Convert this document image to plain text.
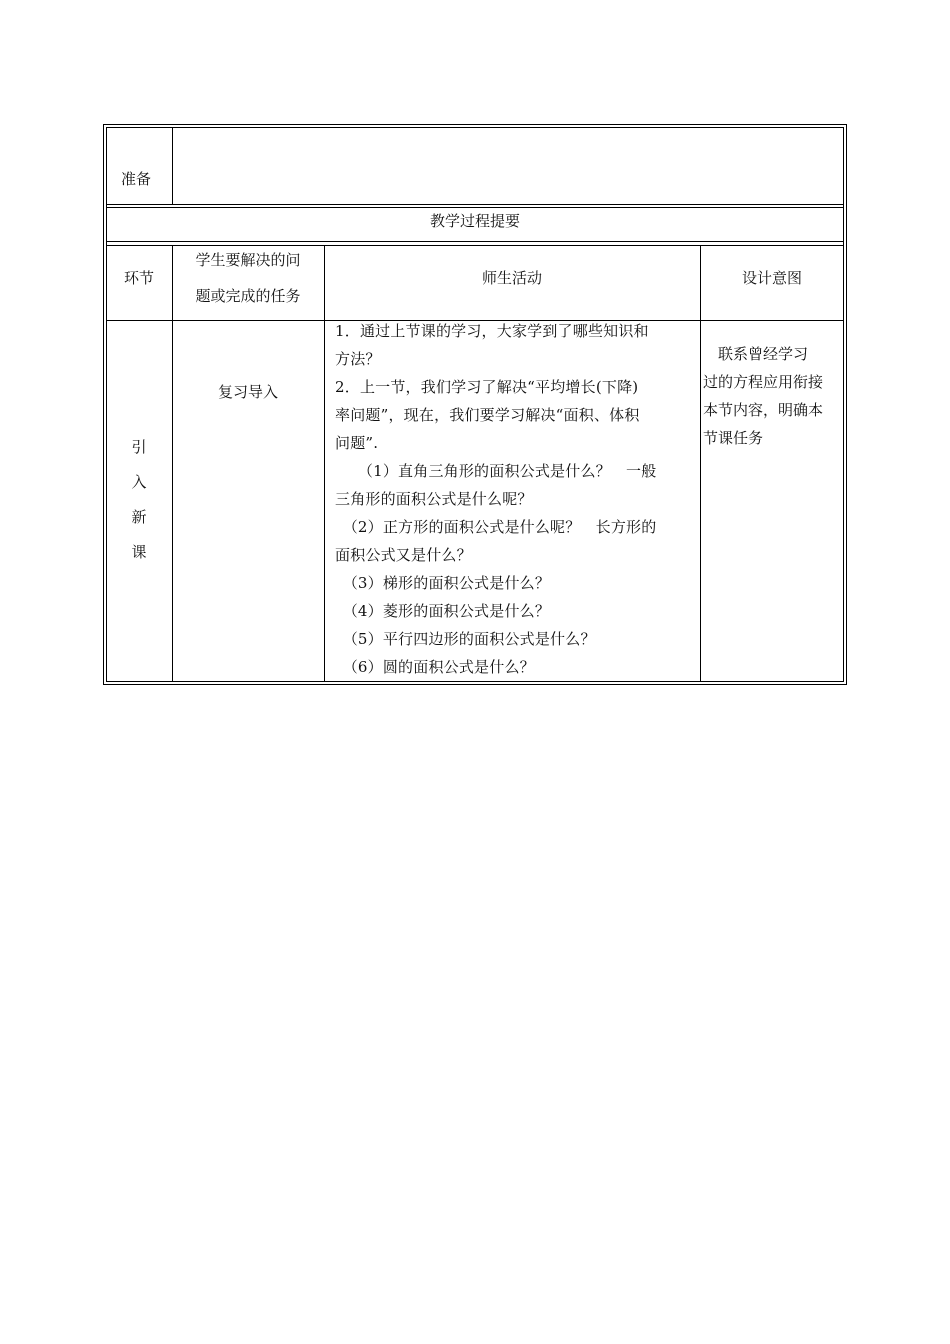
准备
教学过程提要
环节
学生要解决的问
题或完成的任务
师生活动	设计意图
引
入
新
课
复习导入
1．通过上节课的学习，大家学到了哪些知识和
方法？
2．上一节，我们学习了解决“平均增长(下降)
率问题”，现在，我们要学习解决“面积、体积
问题”.
　　（1）直角三角形的面积公式是什么？　一般
三角形的面积公式是什么呢？
　（2）正方形的面积公式是什么呢？　长方形的
面积公式又是什么？
　（3）梯形的面积公式是什么？
　（4）菱形的面积公式是什么？
　（5）平行四边形的面积公式是什么？
　（6）圆的面积公式是什么？
　联系曾经学习
过的方程应用衔接
本节内容，明确本
节课任务
